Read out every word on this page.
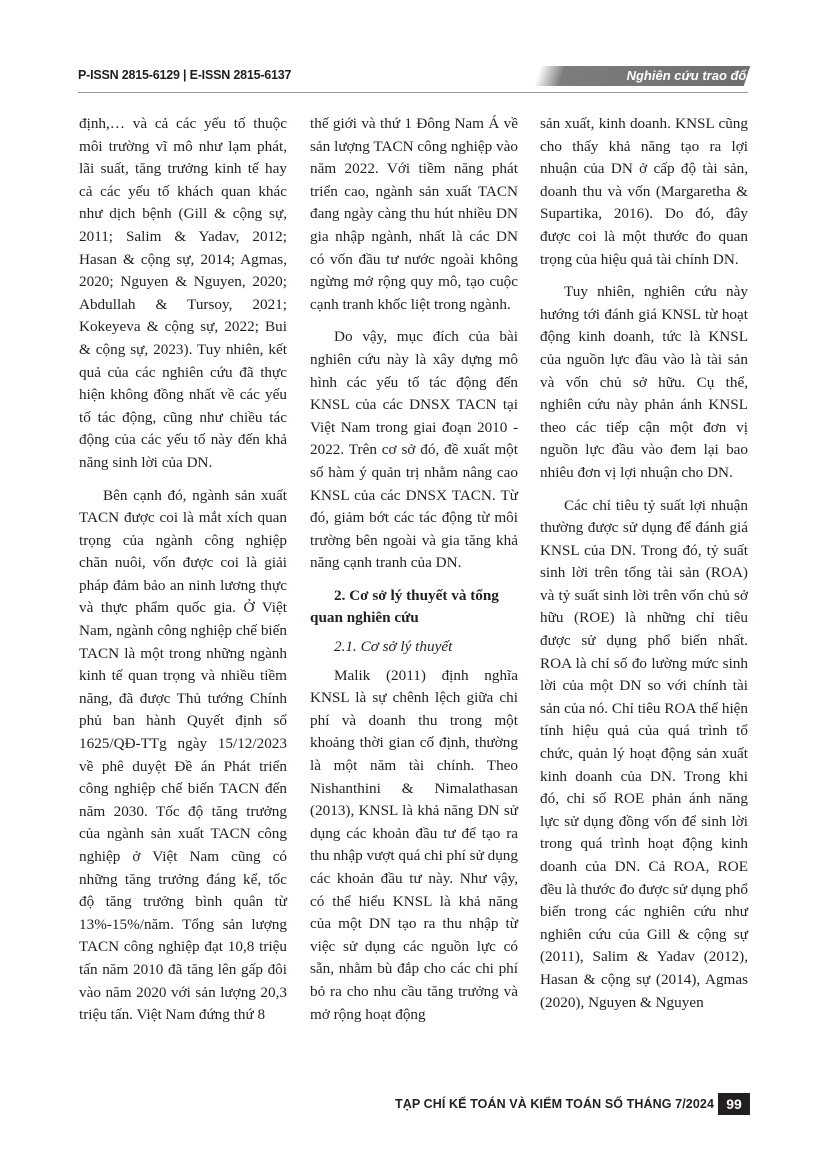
P-ISSN 2815-6129 | E-ISSN 2815-6137	Nghiên cứu trao đổi

định,… và cả các yếu tố thuộc môi trường vĩ mô như lạm phát, lãi suất, tăng trưởng kinh tế hay cả các yếu tố khách quan khác như dịch bệnh (Gill & cộng sự, 2011; Salim & Yadav, 2012; Hasan & cộng sự, 2014; Agmas, 2020; Nguyen & Nguyen, 2020; Abdullah & Tursoy, 2021; Kokeyeva & cộng sự, 2022; Bui & cộng sự, 2023). Tuy nhiên, kết quả của các nghiên cứu đã thực hiện không đồng nhất về các yếu tố tác động, cũng như chiều tác động của các yếu tố này đến khả năng sinh lời của DN.

Bên cạnh đó, ngành sản xuất TACN được coi là mắt xích quan trọng của ngành công nghiệp chăn nuôi, vốn được coi là giải pháp đảm bảo an ninh lương thực và thực phẩm quốc gia. Ở Việt Nam, ngành công nghiệp chế biến TACN là một trong những ngành kinh tế quan trọng và nhiều tiềm năng, đã được Thủ tướng Chính phủ ban hành Quyết định số 1625/QĐ-TTg ngày 15/12/2023 về phê duyệt Đề án Phát triển công nghiệp chế biến TACN đến năm 2030. Tốc độ tăng trưởng của ngành sản xuất TACN công nghiệp ở Việt Nam cũng có những tăng trưởng đáng kể, tốc độ tăng trưởng bình quân từ 13%-15%/năm. Tổng sản lượng TACN công nghiệp đạt 10,8 triệu tấn năm 2010 đã tăng lên gấp đôi vào năm 2020 với sản lượng 20,3 triệu tấn. Việt Nam đứng thứ 8

thế giới và thứ 1 Đông Nam Á về sản lượng TACN công nghiệp vào năm 2022. Với tiềm năng phát triển cao, ngành sản xuất TACN đang ngày càng thu hút nhiều DN gia nhập ngành, nhất là các DN có vốn đầu tư nước ngoài không ngừng mở rộng quy mô, tạo cuộc cạnh tranh khốc liệt trong ngành.

Do vậy, mục đích của bài nghiên cứu này là xây dựng mô hình các yếu tố tác động đến KNSL của các DNSX TACN tại Việt Nam trong giai đoạn 2010 - 2022. Trên cơ sở đó, đề xuất một số hàm ý quản trị nhằm nâng cao KNSL của các DNSX TACN. Từ đó, giảm bớt các tác động từ môi trường bên ngoài và gia tăng khả năng cạnh tranh của DN.

2. Cơ sở lý thuyết và tổng quan nghiên cứu
2.1. Cơ sở lý thuyết

Malik (2011) định nghĩa KNSL là sự chênh lệch giữa chi phí và doanh thu trong một khoảng thời gian cố định, thường là một năm tài chính. Theo Nishanthini & Nimalathasan (2013), KNSL là khả năng DN sử dụng các khoản đầu tư để tạo ra thu nhập vượt quá chi phí sử dụng các khoản đầu tư này. Như vậy, có thể hiểu KNSL là khả năng của một DN tạo ra thu nhập từ việc sử dụng các nguồn lực có sẵn, nhằm bù đắp cho các chi phí bỏ ra cho nhu cầu tăng trưởng và mở rộng hoạt động

sản xuất, kinh doanh. KNSL cũng cho thấy khả năng tạo ra lợi nhuận của DN ở cấp độ tài sản, doanh thu và vốn (Margaretha & Supartika, 2016). Do đó, đây được coi là một thước đo quan trọng của hiệu quả tài chính DN.

Tuy nhiên, nghiên cứu này hướng tới đánh giá KNSL từ hoạt động kinh doanh, tức là KNSL của nguồn lực đầu vào là tài sản và vốn chủ sở hữu. Cụ thể, nghiên cứu này phản ánh KNSL theo các tiếp cận một đơn vị nguồn lực đầu vào đem lại bao nhiêu đơn vị lợi nhuận cho DN.

Các chỉ tiêu tỷ suất lợi nhuận thường được sử dụng để đánh giá KNSL của DN. Trong đó, tỷ suất sinh lời trên tổng tài sản (ROA) và tỷ suất sinh lời trên vốn chủ sở hữu (ROE) là những chỉ tiêu được sử dụng phổ biến nhất. ROA là chỉ số đo lường mức sinh lời của một DN so với chính tài sản của nó. Chỉ tiêu ROA thể hiện tính hiệu quả của quá trình tổ chức, quản lý hoạt động sản xuất kinh doanh của DN. Trong khi đó, chỉ số ROE phản ánh năng lực sử dụng đồng vốn để sinh lời trong quá trình hoạt động kinh doanh của DN. Cả ROA, ROE đều là thước đo được sử dụng phổ biến trong các nghiên cứu như nghiên cứu của Gill & cộng sự (2011), Salim & Yadav (2012), Hasan & cộng sự (2014), Agmas (2020), Nguyen & Nguyen

TẠP CHÍ KẾ TOÁN VÀ KIỂM TOÁN SỐ THÁNG 7/2024 99
